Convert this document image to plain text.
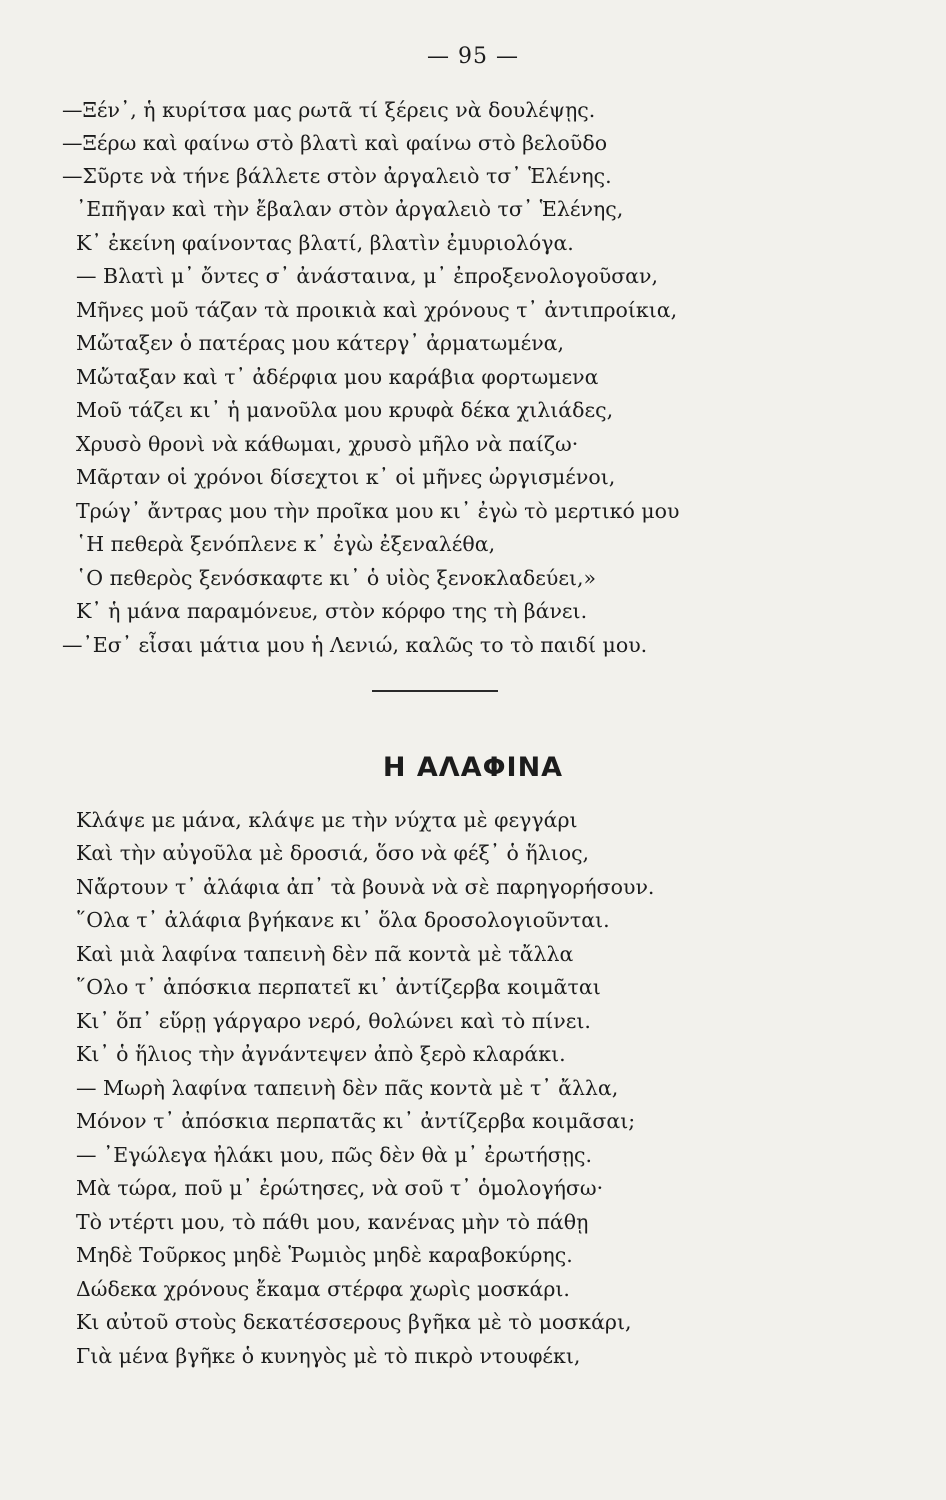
— 95 —
—Ξέν᾿, ἡ κυρίτσα μας ρωτᾶ τί ξέρεις νὰ δουλέψῃς.
—Ξέρω καὶ φαίνω στὸ βλατὶ καὶ φαίνω στὸ βελοῦδο
—Σῦρτε νὰ τήνε βάλλετε στὸν ἀργαλειὸ τσ᾿ Ἑλένης.
᾿Επῆγαν καὶ τὴν ἔβαλαν στὸν ἀργαλειὸ τσ᾿ Ἑλένης,
Κ᾿ ἐκείνη φαίνοντας βλατί, βλατὶν ἐμυριολόγα.
— Βλατὶ μ᾿ ὄντες σ᾿ ἀνάσταινα, μ᾿ ἐπροξενολογοῦσαν,
Μῆνες μοῦ τάζαν τὰ προικιὰ καὶ χρόνους τ᾿ ἀντιπροίκια,
Μὤταξεν ὁ πατέρας μου κάτεργ᾿ ἀρματωμένα,
Μὤταξαν καὶ τ᾿ ἀδέρφια μου καράβια φορτωμενα
Μοῦ τάζει κι᾿ ἡ μανοῦλα μου κρυφὰ δέκα χιλιάδες,
Χρυσὸ θρονὶ νὰ κάθωμαι, χρυσὸ μῆλο νὰ παίζω·
Μᾶρταν οἱ χρόνοι δίσεχτοι κ᾿ οἱ μῆνες ὠργισμένοι,
Τρώγ᾿ ἄντρας μου τὴν προῖκα μου κι᾿ ἐγὼ τὸ μερτικό μου
῾Η πεθερὰ ξενόπλενε κ᾿ ἐγὼ ἐξεναλέθα,
῾Ο πεθερὸς ξενόσκαφτε κι᾿ ὁ υἱὸς ξενοκλαδεύει,»
Κ᾿ ἡ μάνα παραμόνευε, στὸν κόρφο της τὴ βάνει.
—᾿Εσ᾿ εἶσαι μάτια μου ἡ Λενιώ, καλῶς το τὸ παιδί μου.
Η ΑΛΑΦΙΝΑ
Κλάψε με μάνα, κλάψε με τὴν νύχτα μὲ φεγγάρι
Καὶ τὴν αὐγοῦλα μὲ δροσιά, ὅσο νὰ φέξ᾿ ὁ ἥλιος,
Νἄρτουν τ᾿ ἀλάφια ἀπ᾿ τὰ βουνὰ νὰ σὲ παρηγορήσουν.
῞Ολα τ᾿ ἀλάφια βγήκανε κι᾿ ὅλα δροσολογιοῦνται.
Καὶ μιὰ λαφίνα ταπεινὴ δὲν πᾶ κοντὰ μὲ τἄλλα
῞Ολο τ᾿ ἀπόσκια περπατεῖ κι᾿ ἀντίζερβα κοιμᾶται
Κι᾿ ὅπ᾿ εὕρῃ γάργαρο νερό, θολώνει καὶ τὸ πίνει.
Κι᾿ ὁ ἥλιος τὴν ἀγνάντεψεν ἀπὸ ξερὸ κλαράκι.
— Μωρὴ λαφίνα ταπεινὴ δὲν πᾶς κοντὰ μὲ τ᾿ ἄλλα,
Μόνον τ᾿ ἀπόσκια περπατᾶς κι᾿ ἀντίζερβα κοιμᾶσαι;
— ᾿Εγώλεγα ἠλάκι μου, πῶς δὲν θὰ μ᾿ ἐρωτήσῃς.
Μὰ τώρα, ποῦ μ᾿ ἐρώτησες, νὰ σοῦ τ᾿ ὁμολογήσω·
Τὸ ντέρτι μου, τὸ πάθι μου, κανένας μὴν τὸ πάθῃ
Μηδὲ Τοῦρκος μηδὲ Ῥωμιὸς μηδὲ καραβοκύρης.
Δώδεκα χρόνους ἔκαμα στέρφα χωρὶς μοσκάρι.
Κι αὐτοῦ στοὺς δεκατέσσερους βγῆκα μὲ τὸ μοσκάρι,
Γιὰ μένα βγῆκε ὁ κυνηγὸς μὲ τὸ πικρὸ ντουφέκι,
